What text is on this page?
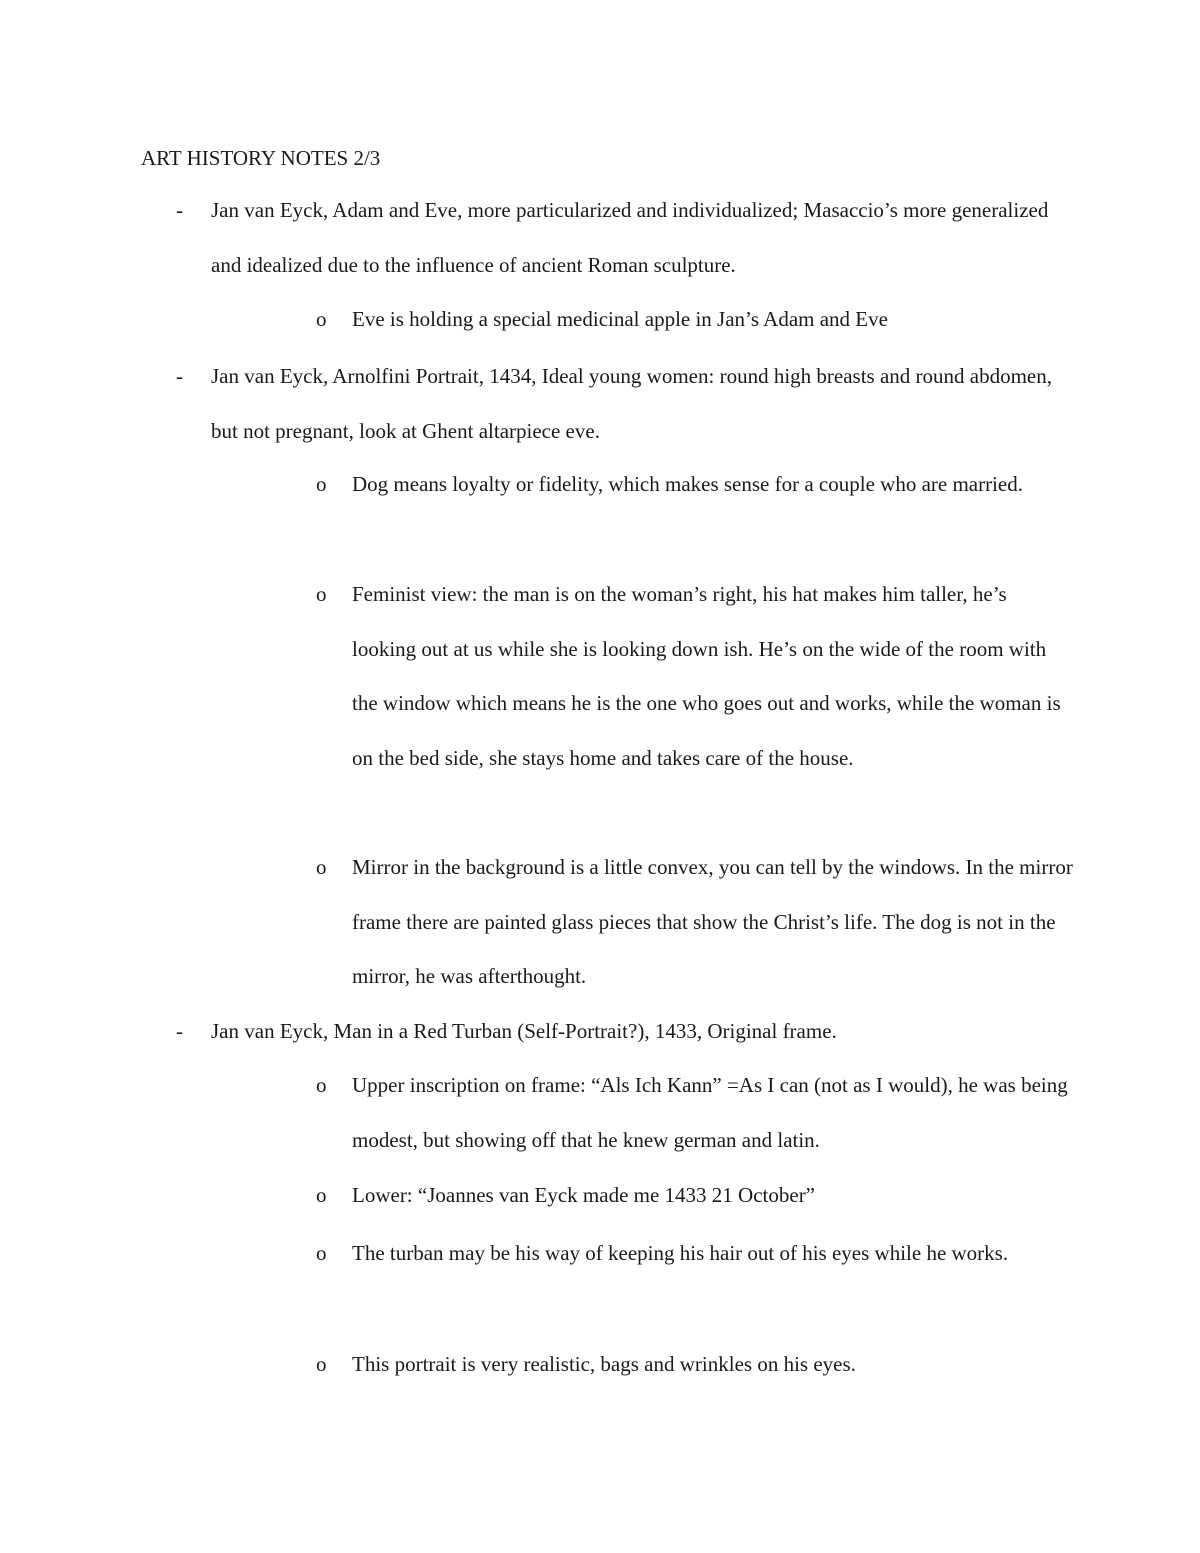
ART HISTORY NOTES 2/3
- Jan van Eyck, Adam and Eve, more particularized and individualized; Masaccio’s more generalized and idealized due to the influence of ancient Roman sculpture.
o Eve is holding a special medicinal apple in Jan’s Adam and Eve
- Jan van Eyck, Arnolfini Portrait, 1434, Ideal young women: round high breasts and round abdomen, but not pregnant, look at Ghent altarpiece eve.
o Dog means loyalty or fidelity, which makes sense for a couple who are married.
o Feminist view: the man is on the woman’s right, his hat makes him taller, he’s looking out at us while she is looking down ish. He’s on the wide of the room with the window which means he is the one who goes out and works, while the woman is on the bed side, she stays home and takes care of the house.
o Mirror in the background is a little convex, you can tell by the windows. In the mirror frame there are painted glass pieces that show the Christ’s life. The dog is not in the mirror, he was afterthought.
- Jan van Eyck, Man in a Red Turban (Self-Portrait?), 1433, Original frame.
o Upper inscription on frame: “Als Ich Kann” =As I can (not as I would), he was being modest, but showing off that he knew german and latin.
o Lower: “Joannes van Eyck made me 1433 21 October”
o The turban may be his way of keeping his hair out of his eyes while he works.
o This portrait is very realistic, bags and wrinkles on his eyes.
